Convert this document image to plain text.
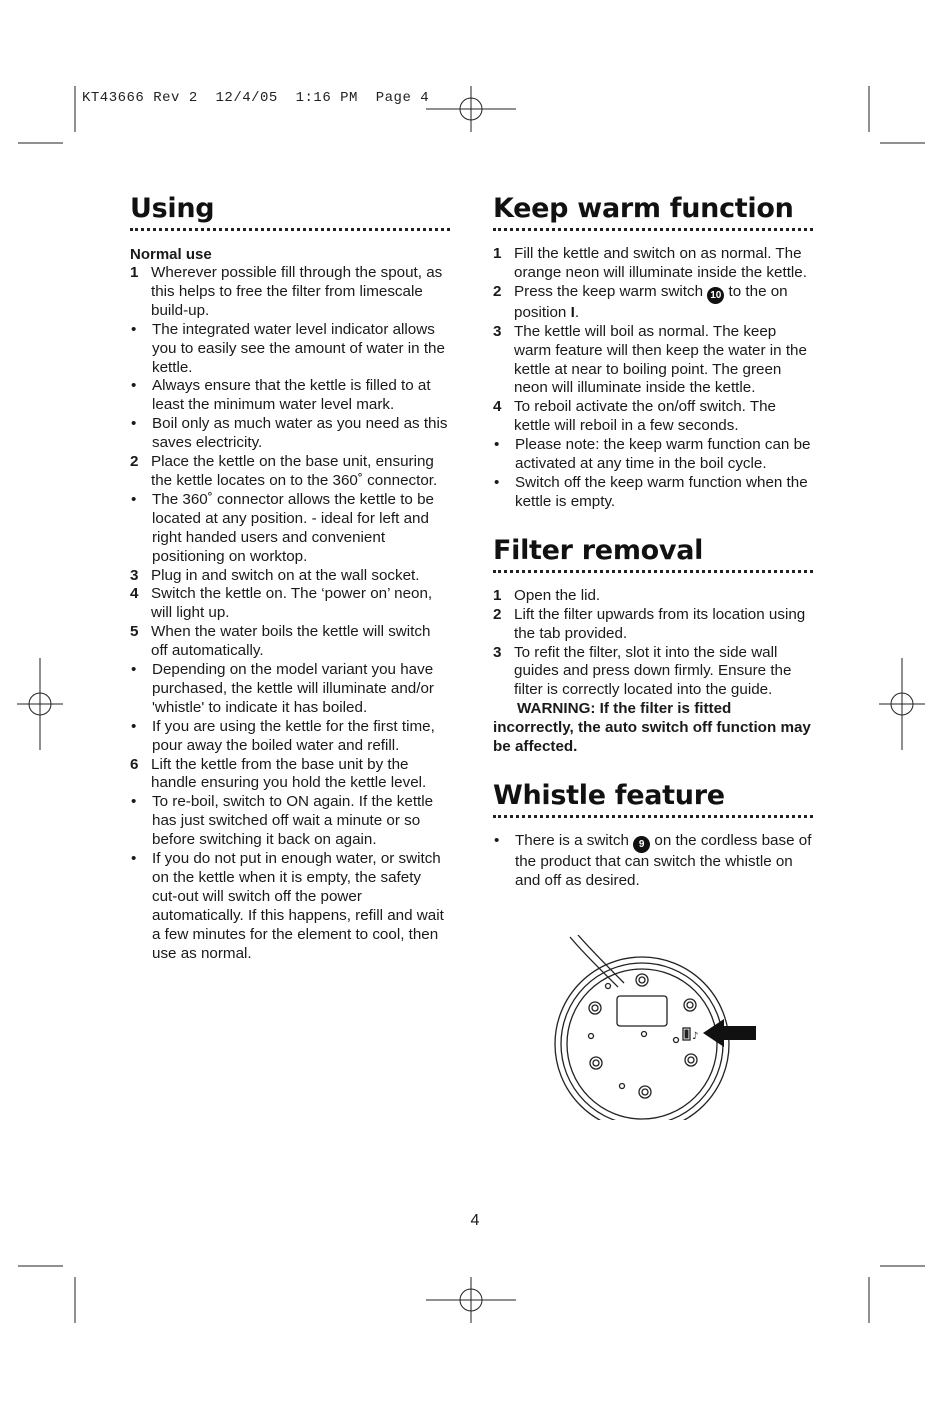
KT43666 Rev 2  12/4/05  1:16 PM  Page 4
Using

Normal use

1 Wherever possible fill through the spout, as this helps to free the filter from limescale build-up.
•	The integrated water level indicator allows you to easily see the amount of water in the kettle.
•	Always ensure that the kettle is filled to at least the minimum water level mark.
•	Boil only as much water as you need as this saves electricity.
2 Place the kettle on the base unit, ensuring the kettle locates on to the 360˚ connector.
•	The 360˚ connector allows the kettle to be located at any position. - ideal for left and right handed users and convenient positioning on worktop.
3 Plug in and switch on at the wall socket.
4 Switch the kettle on. The ‘power on’ neon, will light up.
5 When the water boils the kettle will switch off automatically.
•	Depending on the model variant you have purchased, the kettle will illuminate and/or 'whistle' to indicate it has boiled.
•	If you are using the kettle for the first time, pour away the boiled water and refill.
6 Lift the kettle from the base unit by the handle ensuring you hold the kettle level.
•	To re-boil, switch to ON again. If the kettle has just switched off wait a minute or so before switching it back on again.
•	If you do not put in enough water, or switch on the kettle when it is empty, the safety cut-out will switch off the power automatically. If this happens, refill and wait a few minutes for the element to cool, then use as normal.
Keep warm function
1 Fill the kettle and switch on as normal. The orange neon will illuminate inside the kettle.
2 Press the keep warm switch 10 to the on position I.
3 The kettle will boil as normal. The keep warm feature will then keep the water in the kettle at near to boiling point. The green neon will illuminate inside the kettle.
4 To reboil activate the on/off switch. The kettle will reboil in a few seconds.
•	Please note: the keep warm function can be activated at any time in the boil cycle.
•	Switch off the keep warm function when the kettle is empty.
Filter removal
1 Open the lid.
2 Lift the filter upwards from its location using the tab provided.
3 To refit the filter, slot it into the side wall guides and press down firmly. Ensure the filter is correctly located into the guide.

WARNING: If the filter is fitted incorrectly, the auto switch off function may be affected.

Whistle feature
•	There is a switch 9 on the cordless base of the product that can switch the whistle on and off as desired.
♪
4
